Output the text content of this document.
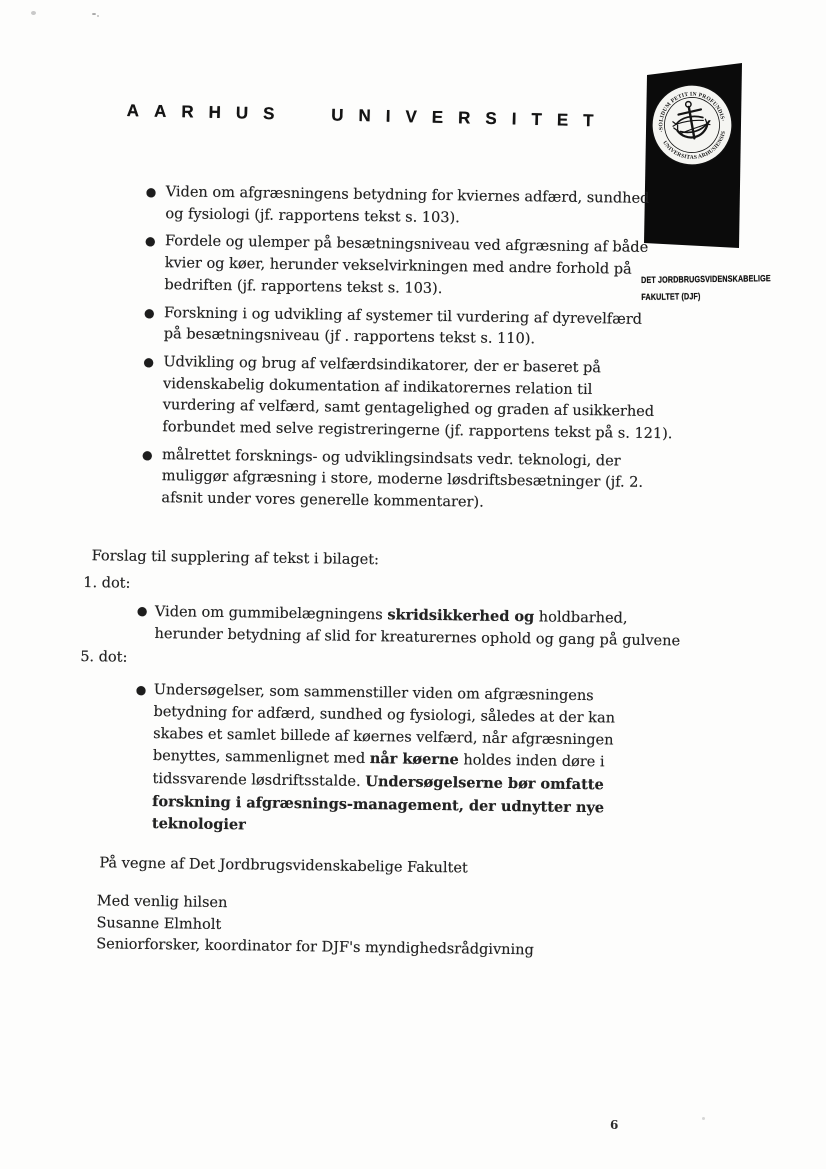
AARHUS UNIVERSITET
·SOLIDUM PETIT IN PROFUNDIS·
UNIVERSITAS ARHUSIENSIS
DET JORDBRUGSVIDENSKABELIGE
FAKULTET (DJF)
● Viden om afgræsningens betydning for kviernes adfærd, sundhed
og fysiologi (jf. rapportens tekst s. 103).
● Fordele og ulemper på besætningsniveau ved afgræsning af både
kvier og køer, herunder vekselvirkningen med andre forhold på
bedriften (jf. rapportens tekst s. 103).
● Forskning i og udvikling af systemer til vurdering af dyrevelfærd
på besætningsniveau (jf . rapportens tekst s. 110).
● Udvikling og brug af velfærdsindikatorer, der er baseret på
videnskabelig dokumentation af indikatorernes relation til
vurdering af velfærd, samt gentagelighed og graden af usikkerhed
forbundet med selve registreringerne (jf. rapportens tekst på s. 121).
● målrettet forsknings- og udviklingsindsats vedr. teknologi, der
muliggør afgræsning i store, moderne løsdriftsbesætninger (jf. 2.
afsnit under vores generelle kommentarer).

Forslag til supplering af tekst i bilaget:

1. dot:

● Viden om gummibelægningens skridsikkerhed og holdbarhed,
herunder betydning af slid for kreaturernes ophold og gang på gulvene

5. dot:

● Undersøgelser, som sammenstiller viden om afgræsningens
betydning for adfærd, sundhed og fysiologi, således at der kan
skabes et samlet billede af køernes velfærd, når afgræsningen
benyttes, sammenlignet med når køerne holdes inden døre i
tidssvarende løsdriftsstalde. Undersøgelserne bør omfatte
forskning i afgræsnings-management, der udnytter nye
teknologier

På vegne af Det Jordbrugsvidenskabelige Fakultet

Med venlig hilsen
Susanne Elmholt
Seniorforsker, koordinator for DJF's myndighedsrådgivning
6
